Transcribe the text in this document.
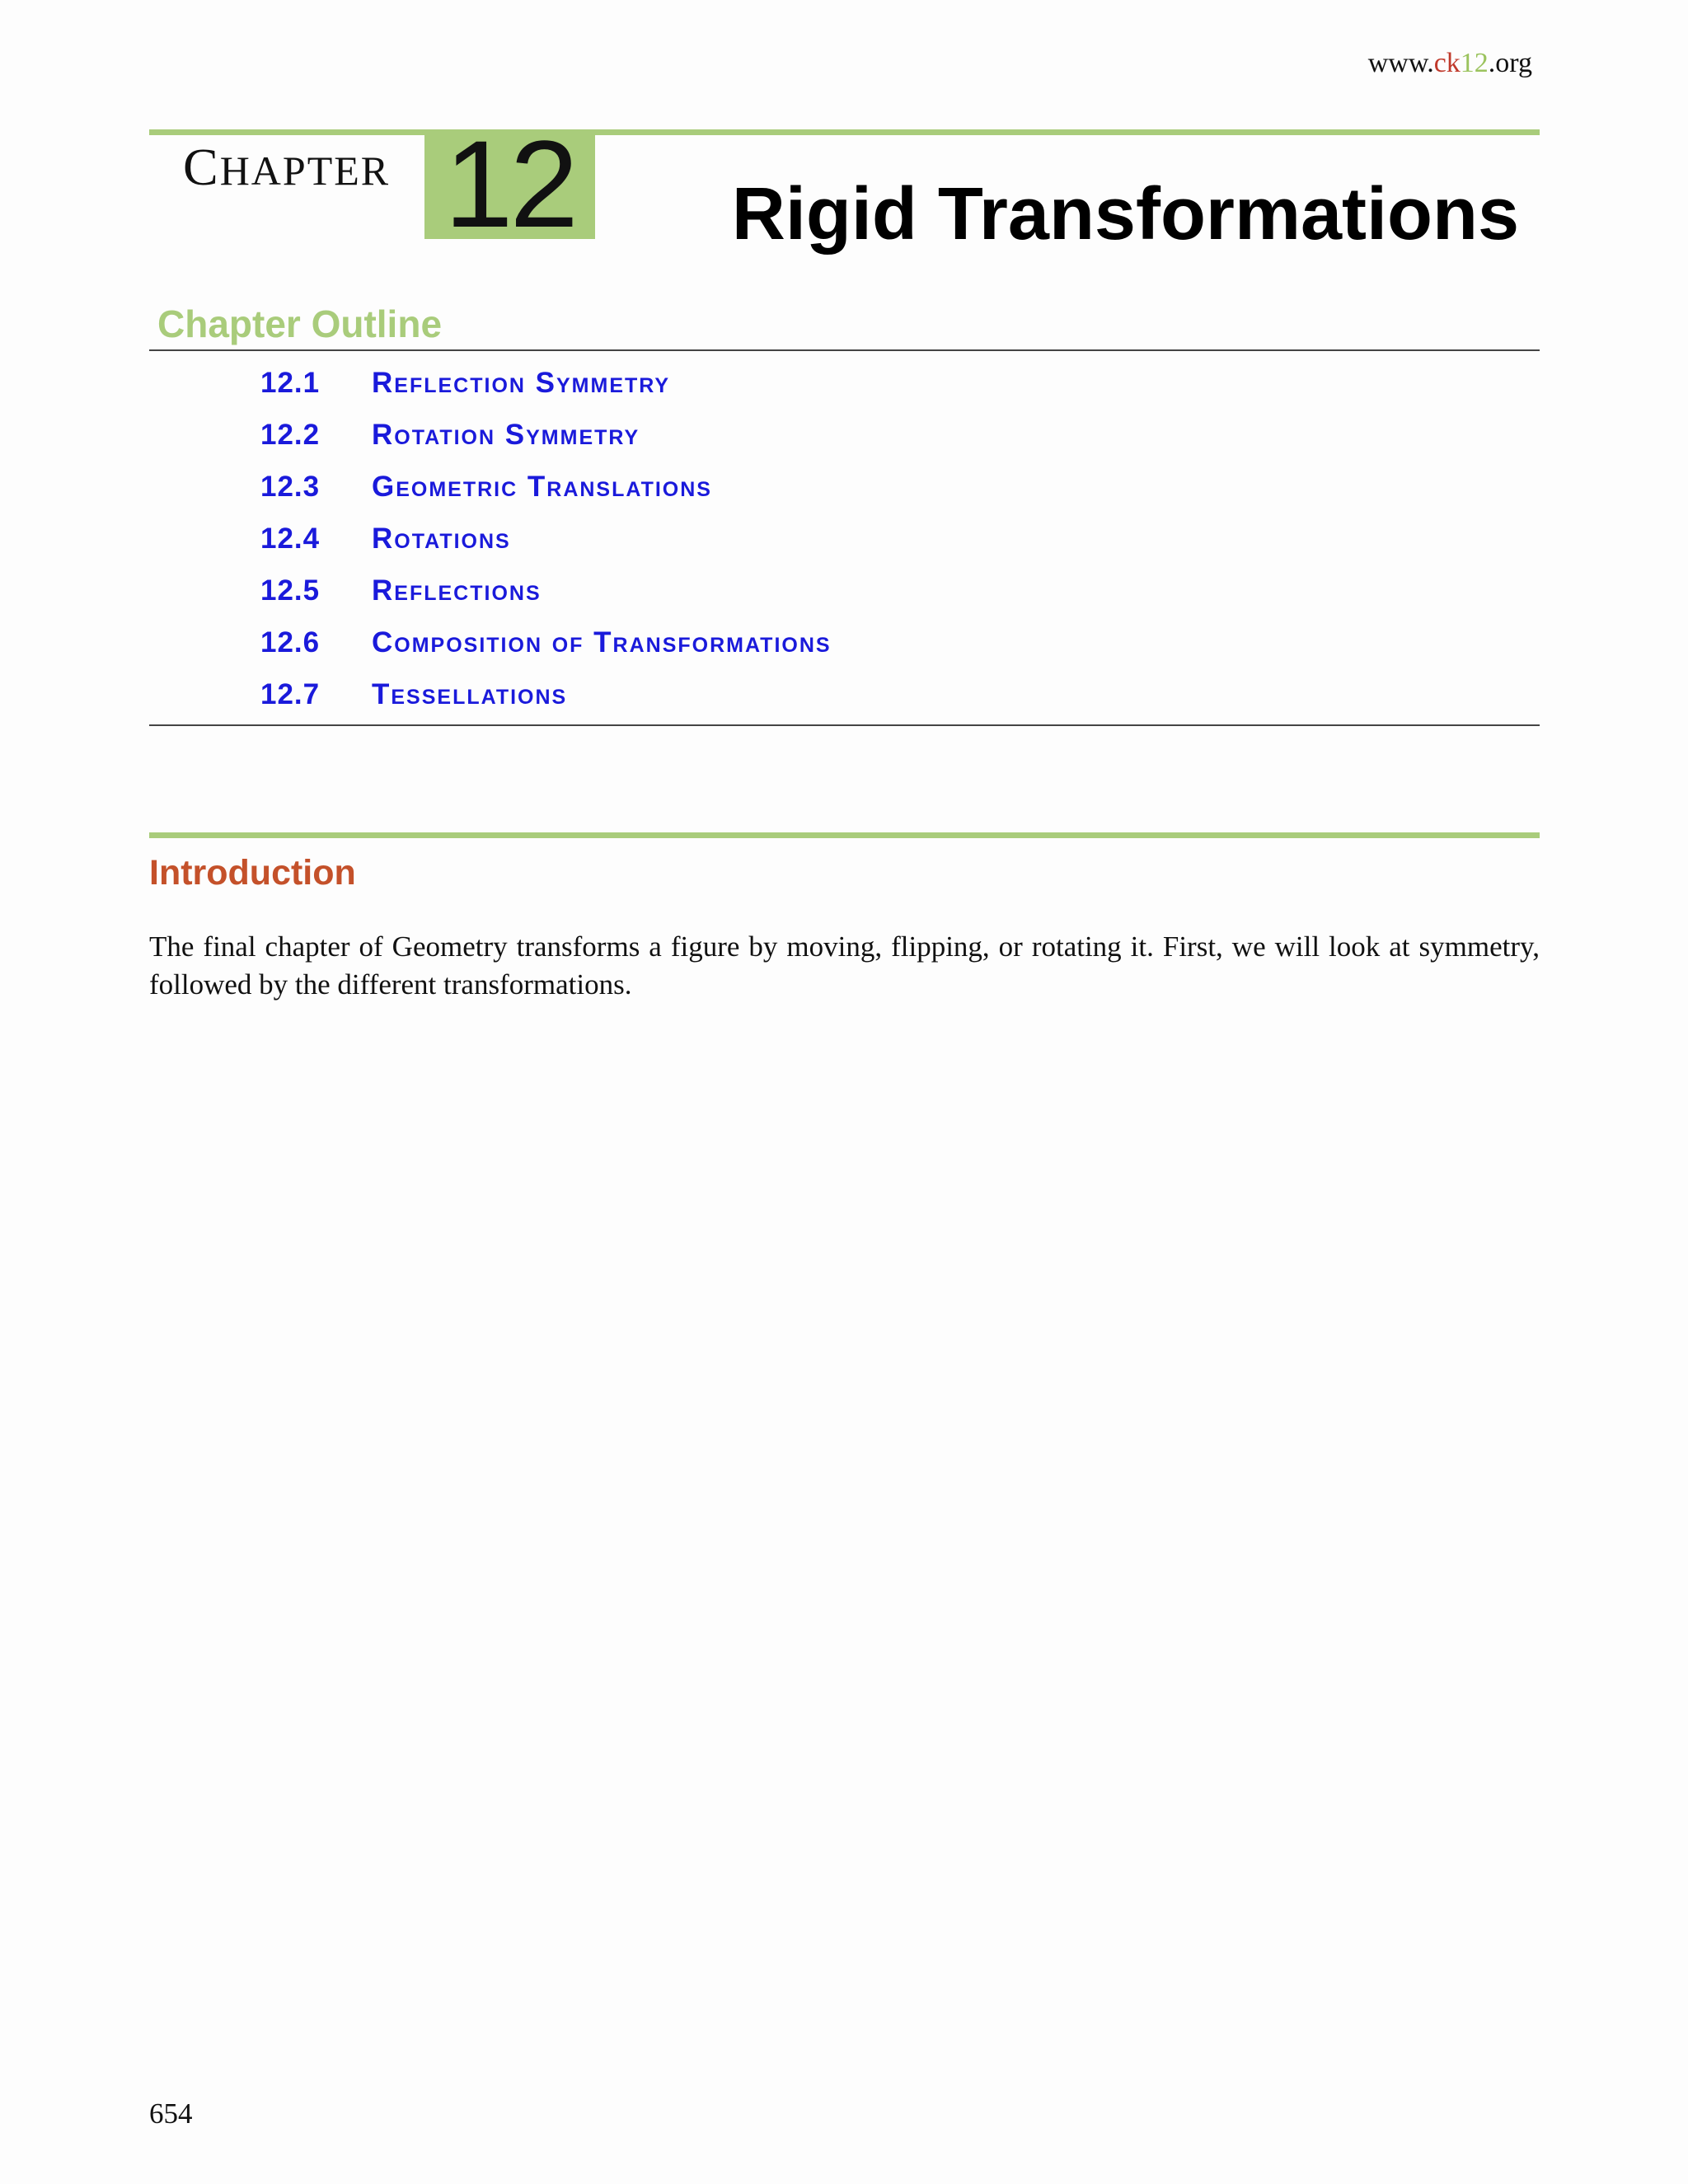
www.ck12.org
CHAPTER 12 Rigid Transformations
Chapter Outline
12.1 Reflection Symmetry
12.2 Rotation Symmetry
12.3 Geometric Translations
12.4 Rotations
12.5 Reflections
12.6 Composition of Transformations
12.7 Tessellations
Introduction
The final chapter of Geometry transforms a figure by moving, flipping, or rotating it. First, we will look at symmetry, followed by the different transformations.
654
